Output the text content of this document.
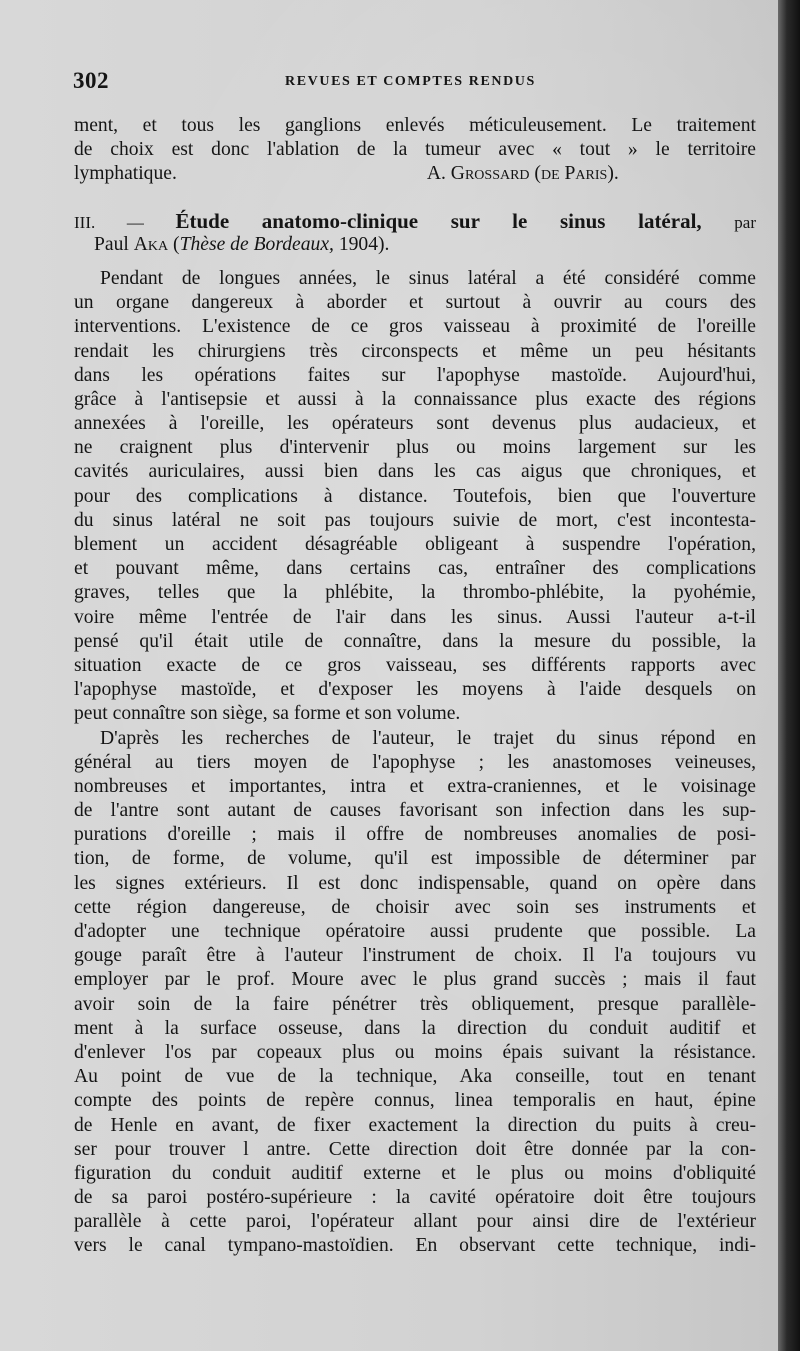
302	REVUES ET COMPTES RENDUS
ment, et tous les ganglions enlevés méticuleusement. Le traitement
de choix est donc l'ablation de la tumeur avec « tout » le territoire
lymphatique.	A. Grossard (de Paris).
III. — Étude anatomo-clinique sur le sinus latéral, par
Paul Aka (Thèse de Bordeaux, 1904).
Pendant de longues années, le sinus latéral a été considéré comme
un organe dangereux à aborder et surtout à ouvrir au cours des
interventions. L'existence de ce gros vaisseau à proximité de l'oreille
rendait les chirurgiens très circonspects et même un peu hésitants
dans les opérations faites sur l'apophyse mastoïde. Aujourd'hui,
grâce à l'antisepsie et aussi à la connaissance plus exacte des régions
annexées à l'oreille, les opérateurs sont devenus plus audacieux, et
ne craignent plus d'intervenir plus ou moins largement sur les
cavités auriculaires, aussi bien dans les cas aigus que chroniques, et
pour des complications à distance. Toutefois, bien que l'ouverture
du sinus latéral ne soit pas toujours suivie de mort, c'est incontesta-
blement un accident désagréable obligeant à suspendre l'opération,
et pouvant même, dans certains cas, entraîner des complications
graves, telles que la phlébite, la thrombo-phlébite, la pyohémie,
voire même l'entrée de l'air dans les sinus. Aussi l'auteur a-t-il
pensé qu'il était utile de connaître, dans la mesure du possible, la
situation exacte de ce gros vaisseau, ses différents rapports avec
l'apophyse mastoïde, et d'exposer les moyens à l'aide desquels on
peut connaître son siège, sa forme et son volume.
D'après les recherches de l'auteur, le trajet du sinus répond en
général au tiers moyen de l'apophyse ; les anastomoses veineuses,
nombreuses et importantes, intra et extra-craniennes, et le voisinage
de l'antre sont autant de causes favorisant son infection dans les sup-
purations d'oreille ; mais il offre de nombreuses anomalies de posi-
tion, de forme, de volume, qu'il est impossible de déterminer par
les signes extérieurs. Il est donc indispensable, quand on opère dans
cette région dangereuse, de choisir avec soin ses instruments et
d'adopter une technique opératoire aussi prudente que possible. La
gouge paraît être à l'auteur l'instrument de choix. Il l'a toujours vu
employer par le prof. Moure avec le plus grand succès ; mais il faut
avoir soin de la faire pénétrer très obliquement, presque parallèle-
ment à la surface osseuse, dans la direction du conduit auditif et
d'enlever l'os par copeaux plus ou moins épais suivant la résistance.
Au point de vue de la technique, Aka conseille, tout en tenant
compte des points de repère connus, linea temporalis en haut, épine
de Henle en avant, de fixer exactement la direction du puits à creu-
ser pour trouver l antre. Cette direction doit être donnée par la con-
figuration du conduit auditif externe et le plus ou moins d'obliquité
de sa paroi postéro-supérieure : la cavité opératoire doit être toujours
parallèle à cette paroi, l'opérateur allant pour ainsi dire de l'extérieur
vers le canal tympano-mastoïdien. En observant cette technique, indi-
